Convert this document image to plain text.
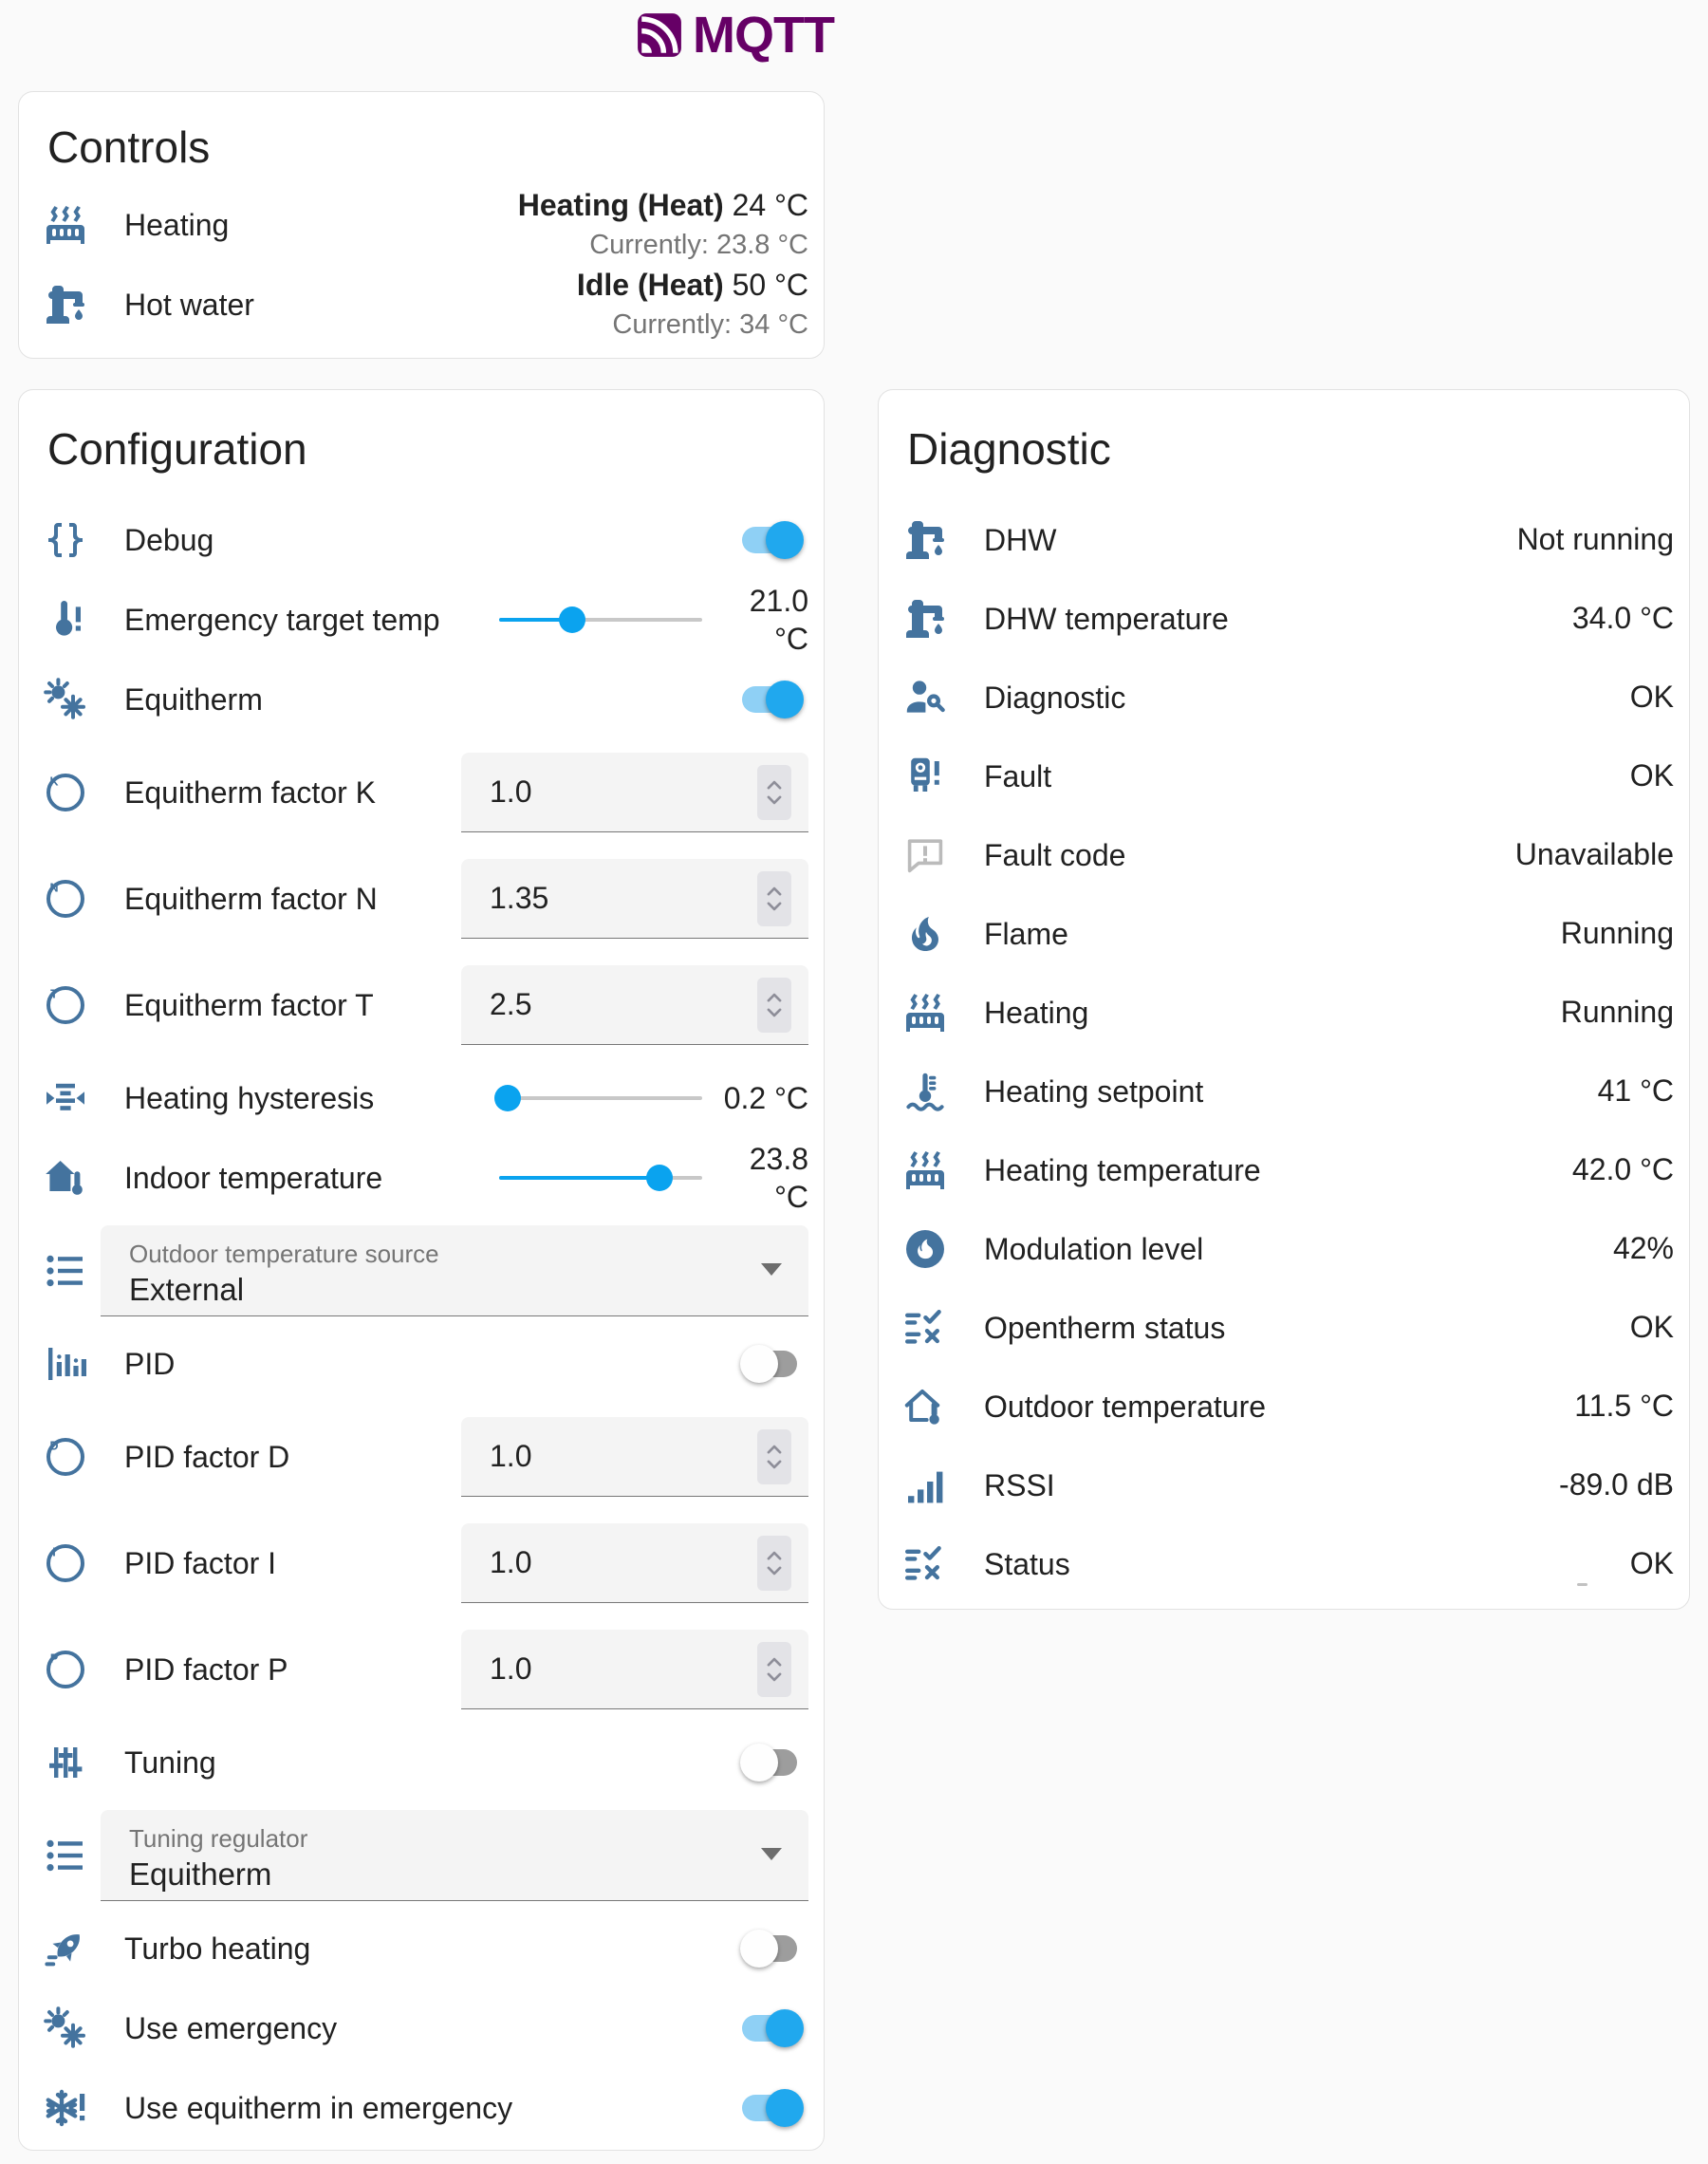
MQTT
Controls
Heating
Heating (Heat) 24 °C
Currently: 23.8 °C
Hot water
Idle (Heat) 50 °C
Currently: 34 °C
Configuration
Debug
Emergency target temp
21.0
°C
Equitherm
K Equitherm factor K	1.0
N Equitherm factor N	1.35
T Equitherm factor T	2.5
Heating hysteresis	0.2 °C
Indoor temperature
23.8
°C
Outdoor temperature source
External
PID
D PID factor D	1.0
I PID factor I	1.0
P PID factor P	1.0
Tuning
Tuning regulator
Equitherm
Turbo heating
Use emergency
Use equitherm in emergency
Diagnostic
DHW	Not running
DHW temperature	34.0 °C
Diagnostic	OK
Fault	OK
Fault code	Unavailable
Flame	Running
Heating	Running
Heating setpoint	41 °C
Heating temperature	42.0 °C
Modulation level	42%
Opentherm status	OK
Outdoor temperature	11.5 °C
RSSI	-89.0 dB
Status	OK
